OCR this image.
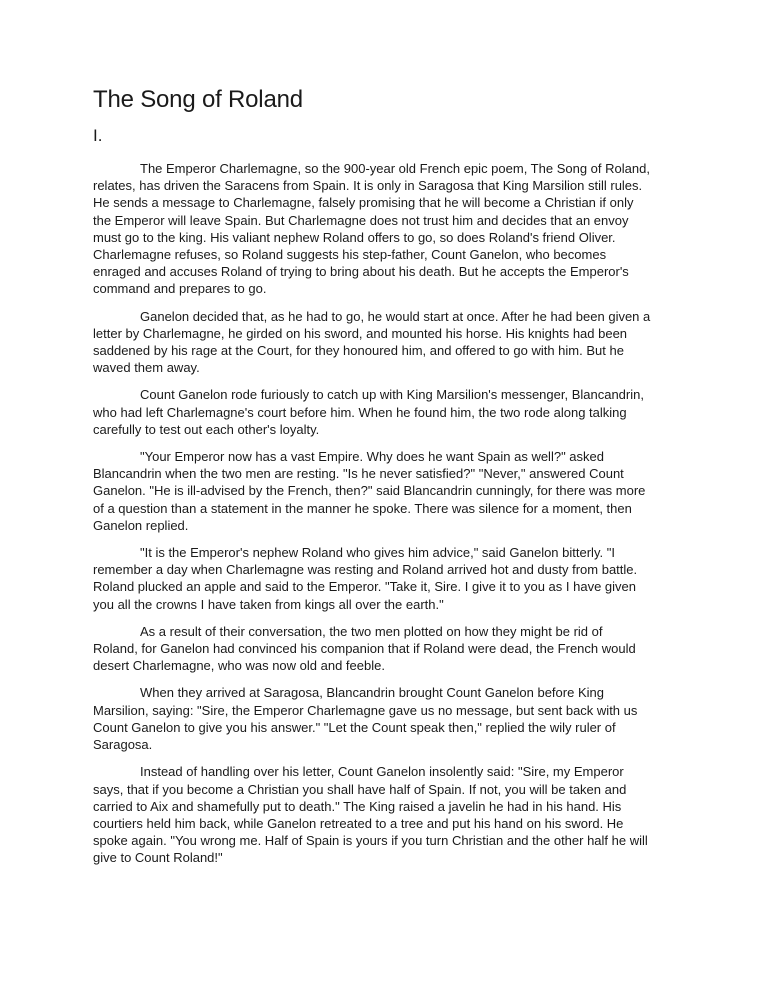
The Song of Roland
I.

The Emperor Charlemagne, so the 900-year old French epic poem, The Song of Roland,
relates, has driven the Saracens from Spain. It is only in Saragosa that King Marsilion still rules.
He sends a message to Charlemagne, falsely promising that he will become a Christian if only
the Emperor will leave Spain. But Charlemagne does not trust him and decides that an envoy
must go to the king. His valiant nephew Roland offers to go, so does Roland's friend Oliver.
Charlemagne refuses, so Roland suggests his step-father, Count Ganelon, who becomes
enraged and accuses Roland of trying to bring about his death. But he accepts the Emperor's
command and prepares to go.

Ganelon decided that, as he had to go, he would start at once. After he had been given a
letter by Charlemagne, he girded on his sword, and mounted his horse. His knights had been
saddened by his rage at the Court, for they honoured him, and offered to go with him. But he
waved them away.

Count Ganelon rode furiously to catch up with King Marsilion's messenger, Blancandrin,
who had left Charlemagne's court before him. When he found him, the two rode along talking
carefully to test out each other's loyalty.

"Your Emperor now has a vast Empire. Why does he want Spain as well?" asked
Blancandrin when the two men are resting. "Is he never satisfied?" "Never," answered Count
Ganelon. "He is ill-advised by the French, then?" said Blancandrin cunningly, for there was more
of a question than a statement in the manner he spoke. There was silence for a moment, then
Ganelon replied.

"It is the Emperor's nephew Roland who gives him advice," said Ganelon bitterly. "I
remember a day when Charlemagne was resting and Roland arrived hot and dusty from battle.
Roland plucked an apple and said to the Emperor. "Take it, Sire. I give it to you as I have given
you all the crowns I have taken from kings all over the earth."

As a result of their conversation, the two men plotted on how they might be rid of
Roland, for Ganelon had convinced his companion that if Roland were dead, the French would
desert Charlemagne, who was now old and feeble.

When they arrived at Saragosa, Blancandrin brought Count Ganelon before King
Marsilion, saying: "Sire, the Emperor Charlemagne gave us no message, but sent back with us
Count Ganelon to give you his answer." "Let the Count speak then," replied the wily ruler of
Saragosa.

Instead of handling over his letter, Count Ganelon insolently said: "Sire, my Emperor
says, that if you become a Christian you shall have half of Spain. If not, you will be taken and
carried to Aix and shamefully put to death." The King raised a javelin he had in his hand. His
courtiers held him back, while Ganelon retreated to a tree and put his hand on his sword. He
spoke again. "You wrong me. Half of Spain is yours if you turn Christian and the other half he will
give to Count Roland!"
